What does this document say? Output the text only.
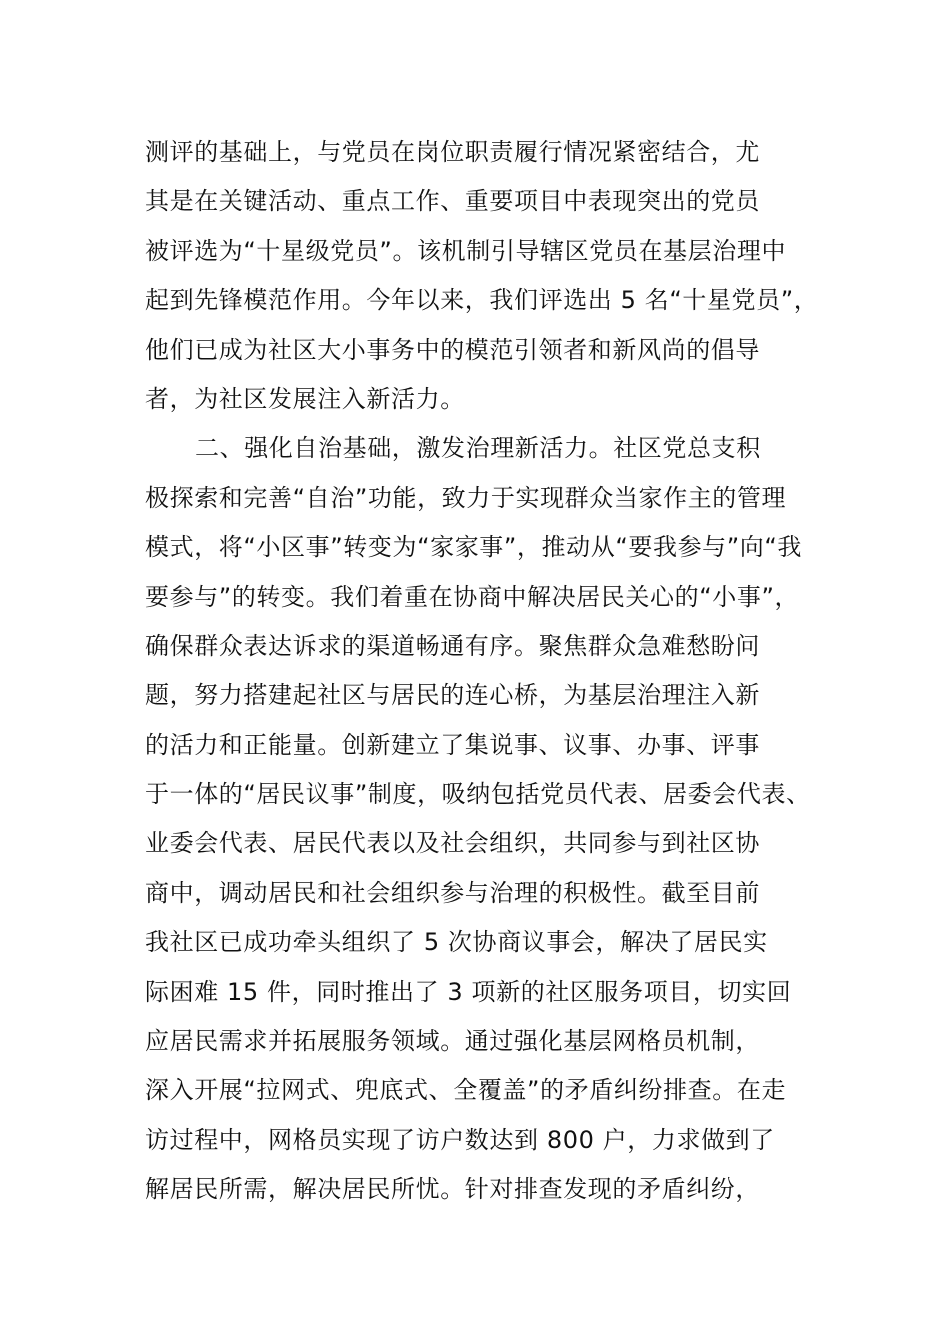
测评的基础上，与党员在岗位职责履行情况紧密结合，尤
其是在关键活动、重点工作、重要项目中表现突出的党员
被评选为“十星级党员”。该机制引导辖区党员在基层治理中
起到先锋模范作用。今年以来，我们评选出 5 名“十星党员”，
他们已成为社区大小事务中的模范引领者和新风尚的倡导
者，为社区发展注入新活力。
二、强化自治基础，激发治理新活力。社区党总支积
极探索和完善“自治”功能，致力于实现群众当家作主的管理
模式，将“小区事”转变为“家家事”，推动从“要我参与”向“我
要参与”的转变。我们着重在协商中解决居民关心的“小事”，
确保群众表达诉求的渠道畅通有序。聚焦群众急难愁盼问
题，努力搭建起社区与居民的连心桥，为基层治理注入新
的活力和正能量。创新建立了集说事、议事、办事、评事
于一体的“居民议事”制度，吸纳包括党员代表、居委会代表、
业委会代表、居民代表以及社会组织，共同参与到社区协
商中，调动居民和社会组织参与治理的积极性。截至目前
我社区已成功牵头组织了 5 次协商议事会，解决了居民实
际困难 15 件，同时推出了 3 项新的社区服务项目，切实回
应居民需求并拓展服务领域。通过强化基层网格员机制，
深入开展“拉网式、兜底式、全覆盖”的矛盾纠纷排查。在走
访过程中，网格员实现了访户数达到 800 户，力求做到了
解居民所需，解决居民所忧。针对排查发现的矛盾纠纷，
